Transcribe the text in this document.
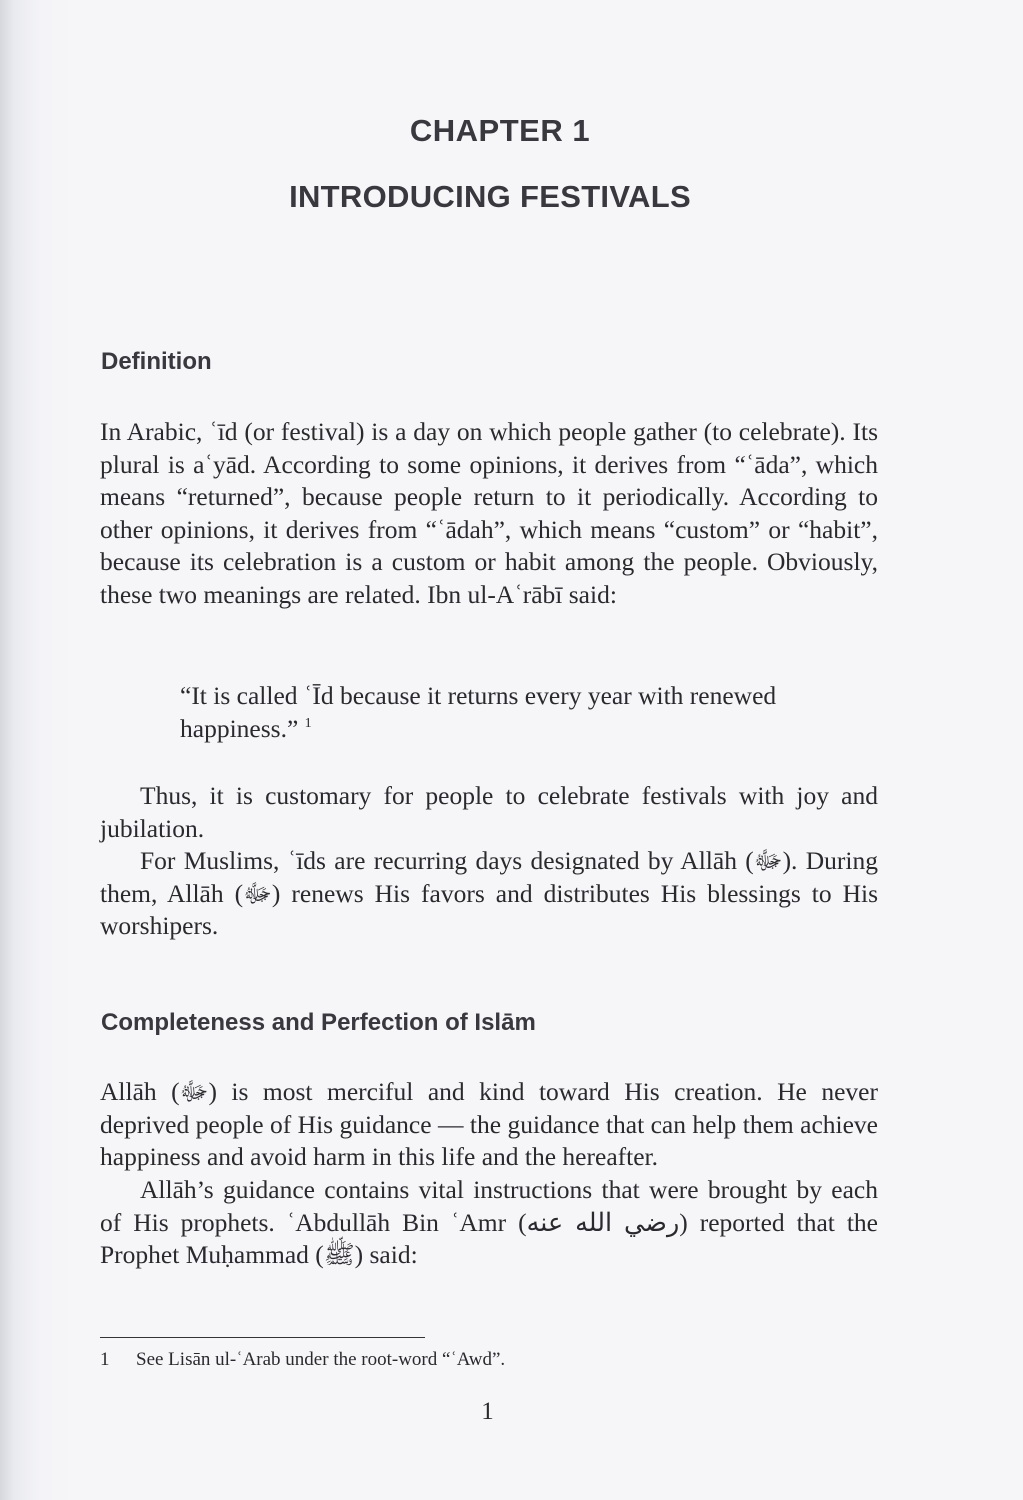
CHAPTER 1
INTRODUCING FESTIVALS
Definition

In Arabic, ʿīd (or festival) is a day on which people gather (to celebrate). Its plural is aʿyād. According to some opinions, it derives from “ʿāda”, which means “returned”, because people return to it periodically. According to other opinions, it derives from “ʿādah”, which means “custom” or “habit”, because its celebration is a custom or habit among the people. Obviously, these two meanings are related. Ibn ul-Aʿrābī said:

“It is called ʿĪd because it returns every year with renewed happiness.” $^1$

Thus, it is customary for people to celebrate festivals with joy and jubilation.

For Muslims, ʿīds are recurring days designated by Allāh (ﷻ). During them, Allāh (ﷻ) renews His favors and distributes His blessings to His worshipers.

Completeness and Perfection of Islām

Allāh (ﷻ) is most merciful and kind toward His creation. He never deprived people of His guidance — the guidance that can help them achieve happiness and avoid harm in this life and the hereafter.

Allāh’s guidance contains vital instructions that were brought by each of His prophets. ʿAbdullāh Bin ʿAmr (رضي الله عنه) reported that the Prophet Muḥammad (ﷺ) said:

1 See Lisān ul-ʿArab under the root-word “ʿAwd”.
1
